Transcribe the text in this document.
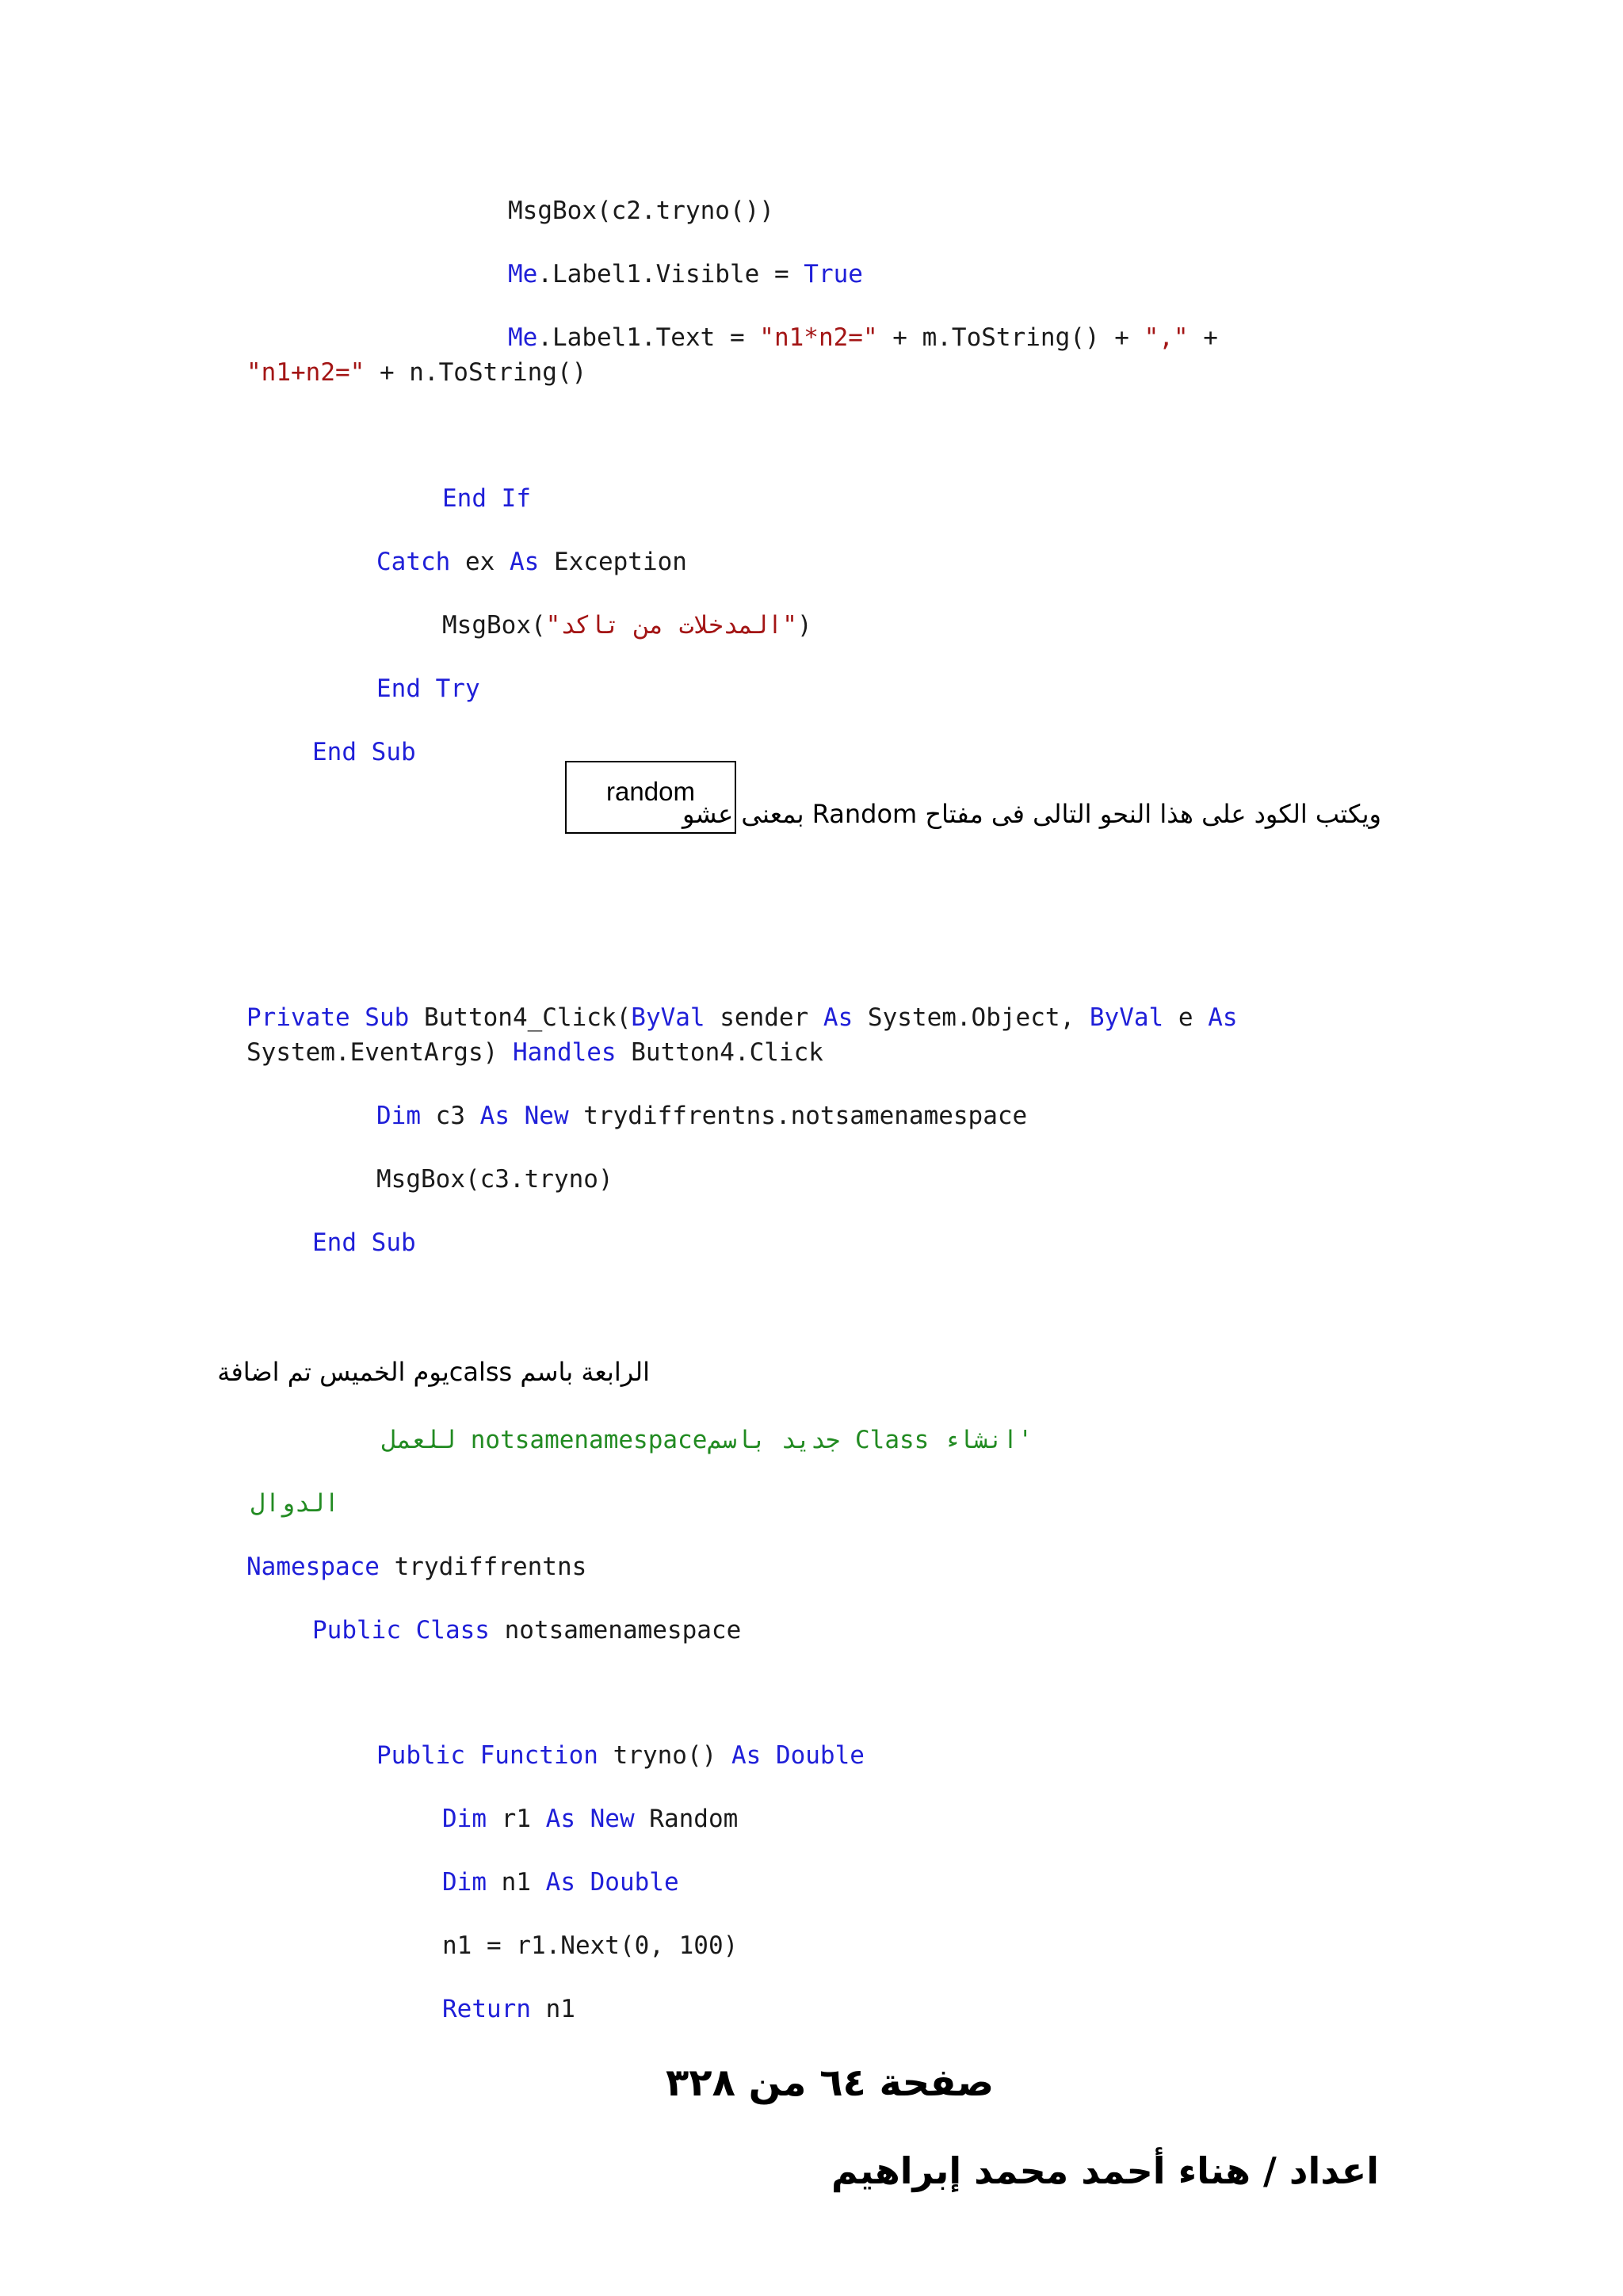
MsgBox(c2.tryno())
Me.Label1.Visible = True
Me.Label1.Text = "n1*n2=" + m.ToString() + "," +
"n1+n2=" + n.ToString()
End If
Catch ex As Exception
MsgBox("المدخلات من تاكد")
End Try
End Sub
random
ويكتب الكود على هذا النحو التالى فى مفتاح Random بمعنى عشو
Private Sub Button4_Click(ByVal sender As System.Object, ByVal e As
System.EventArgs) Handles Button4.Click
Dim c3 As New trydiffrentns.notsamenamespace
MsgBox(c3.tryno)
End Sub
الرابعة باسم calssيوم الخميس تم اضافة
'انشاء Class جديد باسمnotsamenamespace للعمل
الدوال
Namespace trydiffrentns
Public Class notsamenamespace
Public Function tryno() As Double
Dim r1 As New Random
Dim n1 As Double
n1 = r1.Next(0, 100)
Return n1
صفحة ٦٤ من ٣٢٨
اعداد / هناء أحمد محمد إبراهيم
